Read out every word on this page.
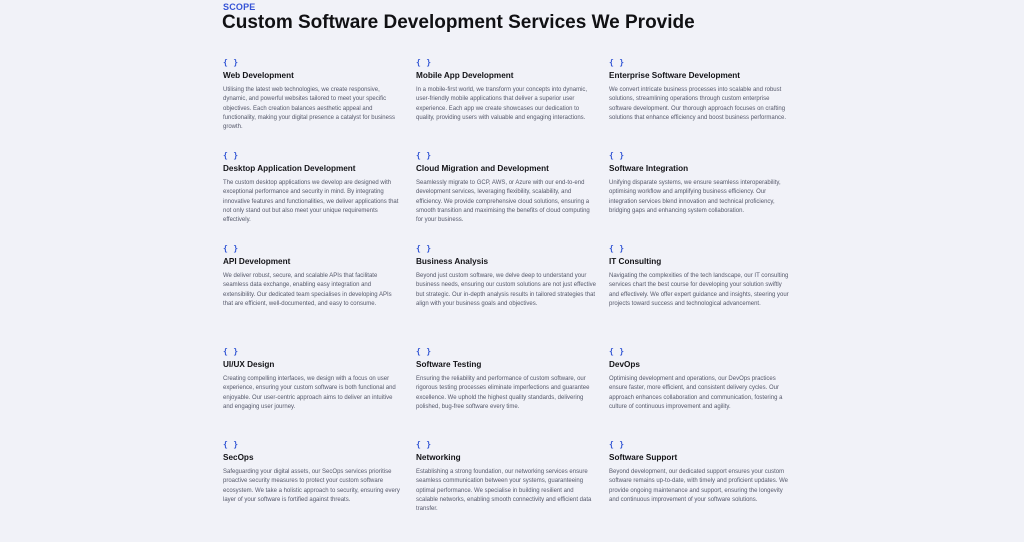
SCOPE
Custom Software Development Services We Provide
{ }
Web Development
Utilising the latest web technologies, we create responsive, dynamic, and powerful websites tailored to meet your specific objectives. Each creation balances aesthetic appeal and functionality, making your digital presence a catalyst for business growth.
{ }
Mobile App Development
In a mobile-first world, we transform your concepts into dynamic, user-friendly mobile applications that deliver a superior user experience. Each app we create showcases our dedication to quality, providing users with valuable and engaging interactions.
{ }
Enterprise Software Development
We convert intricate business processes into scalable and robust solutions, streamlining operations through custom enterprise software development. Our thorough approach focuses on crafting solutions that enhance efficiency and boost business performance.
{ }
Desktop Application Development
The custom desktop applications we develop are designed with exceptional performance and security in mind. By integrating innovative features and functionalities, we deliver applications that not only stand out but also meet your unique requirements effectively.
{ }
Cloud Migration and Development
Seamlessly migrate to GCP, AWS, or Azure with our end-to-end development services, leveraging flexibility, scalability, and efficiency. We provide comprehensive cloud solutions, ensuring a smooth transition and maximising the benefits of cloud computing for your business.
{ }
Software Integration
Unifying disparate systems, we ensure seamless interoperability, optimising workflow and amplifying business efficiency. Our integration services blend innovation and technical proficiency, bridging gaps and enhancing system collaboration.
{ }
API Development
We deliver robust, secure, and scalable APIs that facilitate seamless data exchange, enabling easy integration and extensibility. Our dedicated team specialises in developing APIs that are efficient, well-documented, and easy to consume.
{ }
Business Analysis
Beyond just custom software, we delve deep to understand your business needs, ensuring our custom solutions are not just effective but strategic. Our in-depth analysis results in tailored strategies that align with your business goals and objectives.
{ }
IT Consulting
Navigating the complexities of the tech landscape, our IT consulting services chart the best course for developing your solution swiftly and effectively. We offer expert guidance and insights, steering your projects toward success and technological advancement.
{ }
UI/UX Design
Creating compelling interfaces, we design with a focus on user experience, ensuring your custom software is both functional and enjoyable. Our user-centric approach aims to deliver an intuitive and engaging user journey.
{ }
Software Testing
Ensuring the reliability and performance of custom software, our rigorous testing processes eliminate imperfections and guarantee excellence. We uphold the highest quality standards, delivering polished, bug-free software every time.
{ }
DevOps
Optimising development and operations, our DevOps practices ensure faster, more efficient, and consistent delivery cycles. Our approach enhances collaboration and communication, fostering a culture of continuous improvement and agility.
{ }
SecOps
Safeguarding your digital assets, our SecOps services prioritise proactive security measures to protect your custom software ecosystem. We take a holistic approach to security, ensuring every layer of your software is fortified against threats.
{ }
Networking
Establishing a strong foundation, our networking services ensure seamless communication between your systems, guaranteeing optimal performance. We specialise in building resilient and scalable networks, enabling smooth connectivity and efficient data transfer.
{ }
Software Support
Beyond development, our dedicated support ensures your custom software remains up-to-date, with timely and proficient updates. We provide ongoing maintenance and support, ensuring the longevity and continuous improvement of your software solutions.
